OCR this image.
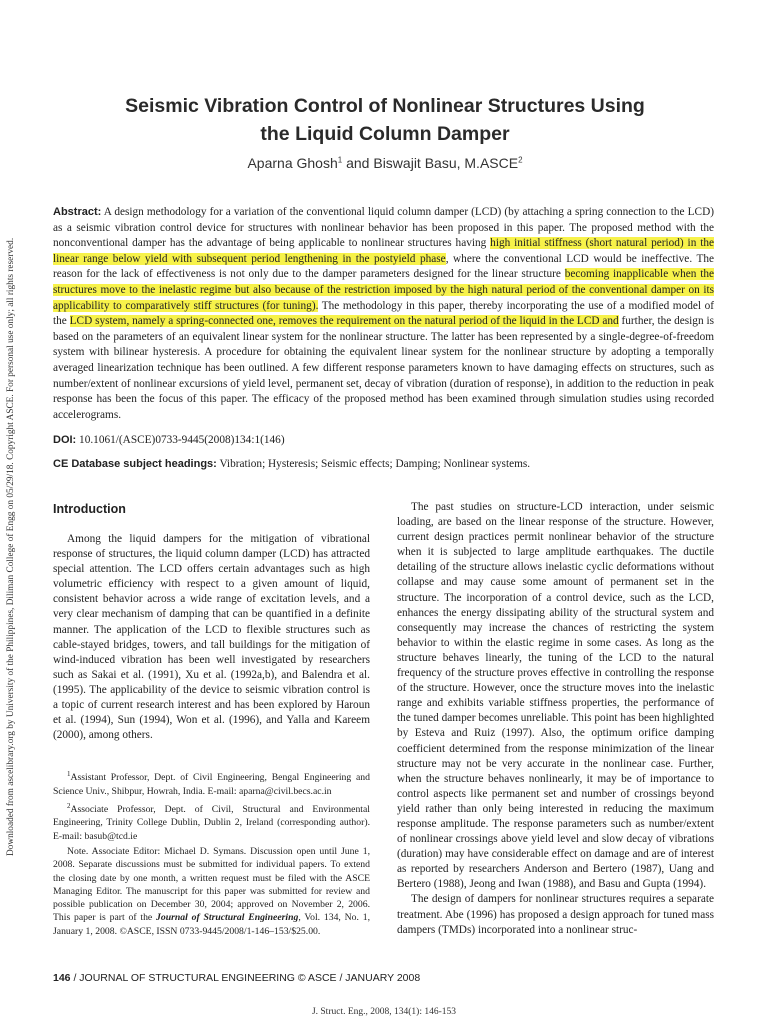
Downloaded from ascelibrary.org by University of the Philippines, Diliman College of Engg on 05/29/18. Copyright ASCE. For personal use only; all rights reserved.
Seismic Vibration Control of Nonlinear Structures Using
the Liquid Column Damper
Aparna Ghosh$^1$ and Biswajit Basu, M.ASCE$^2$
Abstract: A design methodology for a variation of the conventional liquid column damper (LCD) (by attaching a spring connection to the LCD) as a seismic vibration control device for structures with nonlinear behavior has been proposed in this paper. The proposed method with the nonconventional damper has the advantage of being applicable to nonlinear structures having high initial stiffness (short natural period) in the linear range below yield with subsequent period lengthening in the postyield phase, where the conventional LCD would be ineffective. The reason for the lack of effectiveness is not only due to the damper parameters designed for the linear structure becoming inapplicable when the structures move to the inelastic regime but also because of the restriction imposed by the high natural period of the conventional damper on its applicability to comparatively stiff structures (for tuning). The methodology in this paper, thereby incorporating the use of a modified model of the LCD system, namely a spring-connected one, removes the requirement on the natural period of the liquid in the LCD and further, the design is based on the parameters of an equivalent linear system for the nonlinear structure. The latter has been represented by a single-degree-of-freedom system with bilinear hysteresis. A procedure for obtaining the equivalent linear system for the nonlinear structure by adopting a temporally averaged linearization technique has been outlined. A few different response parameters known to have damaging effects on structures, such as number/extent of nonlinear excursions of yield level, permanent set, decay of vibration (duration of response), in addition to the reduction in peak response has been the focus of this paper. The efficacy of the proposed method has been examined through simulation studies using recorded accelerograms.
DOI: 10.1061/(ASCE)0733-9445(2008)134:1(146)
CE Database subject headings: Vibration; Hysteresis; Seismic effects; Damping; Nonlinear systems.
Introduction

Among the liquid dampers for the mitigation of vibrational response of structures, the liquid column damper (LCD) has attracted special attention. The LCD offers certain advantages such as high volumetric efficiency with respect to a given amount of liquid, consistent behavior across a wide range of excitation levels, and a very clear mechanism of damping that can be quantified in a definite manner. The application of the LCD to flexible structures such as cable-stayed bridges, towers, and tall buildings for the mitigation of wind-induced vibration has been well investigated by researchers such as Sakai et al. (1991), Xu et al. (1992a,b), and Balendra et al. (1995). The applicability of the device to seismic vibration control is a topic of current research interest and has been explored by Haroun et al. (1994), Sun (1994), Won et al. (1996), and Yalla and Kareem (2000), among others.

$^1$Assistant Professor, Dept. of Civil Engineering, Bengal Engineering and Science Univ., Shibpur, Howrah, India. E-mail: aparna@civil.becs.ac.in

$^2$Associate Professor, Dept. of Civil, Structural and Environmental Engineering, Trinity College Dublin, Dublin 2, Ireland (corresponding author). E-mail: basub@tcd.ie

Note. Associate Editor: Michael D. Symans. Discussion open until June 1, 2008. Separate discussions must be submitted for individual papers. To extend the closing date by one month, a written request must be filed with the ASCE Managing Editor. The manuscript for this paper was submitted for review and possible publication on December 30, 2004; approved on November 2, 2006. This paper is part of the Journal of Structural Engineering, Vol. 134, No. 1, January 1, 2008. ©ASCE, ISSN 0733-9445/2008/1-146–153/$25.00.

The past studies on structure-LCD interaction, under seismic loading, are based on the linear response of the structure. However, current design practices permit nonlinear behavior of the structure when it is subjected to large amplitude earthquakes. The ductile detailing of the structure allows inelastic cyclic deformations without collapse and may cause some amount of permanent set in the structure. The incorporation of a control device, such as the LCD, enhances the energy dissipating ability of the structural system and consequently may increase the chances of restricting the system behavior to within the elastic regime in some cases. As long as the structure behaves linearly, the tuning of the LCD to the natural frequency of the structure proves effective in controlling the response of the structure. However, once the structure moves into the inelastic range and exhibits variable stiffness properties, the performance of the tuned damper becomes unreliable. This point has been highlighted by Esteva and Ruiz (1997). Also, the optimum orifice damping coefficient determined from the response minimization of the linear structure may not be very accurate in the nonlinear case. Further, when the structure behaves nonlinearly, it may be of importance to control aspects like permanent set and number of crossings beyond yield rather than only being interested in reducing the maximum response amplitude. The response parameters such as number/extent of nonlinear crossings above yield level and slow decay of vibrations (duration) may have considerable effect on damage and are of interest as reported by researchers Anderson and Bertero (1987), Uang and Bertero (1988), Jeong and Iwan (1988), and Basu and Gupta (1994).

The design of dampers for nonlinear structures requires a separate treatment. Abe (1996) has proposed a design approach for tuned mass dampers (TMDs) incorporated into a nonlinear struc-

146 / JOURNAL OF STRUCTURAL ENGINEERING © ASCE / JANUARY 2008
J. Struct. Eng., 2008, 134(1): 146-153
